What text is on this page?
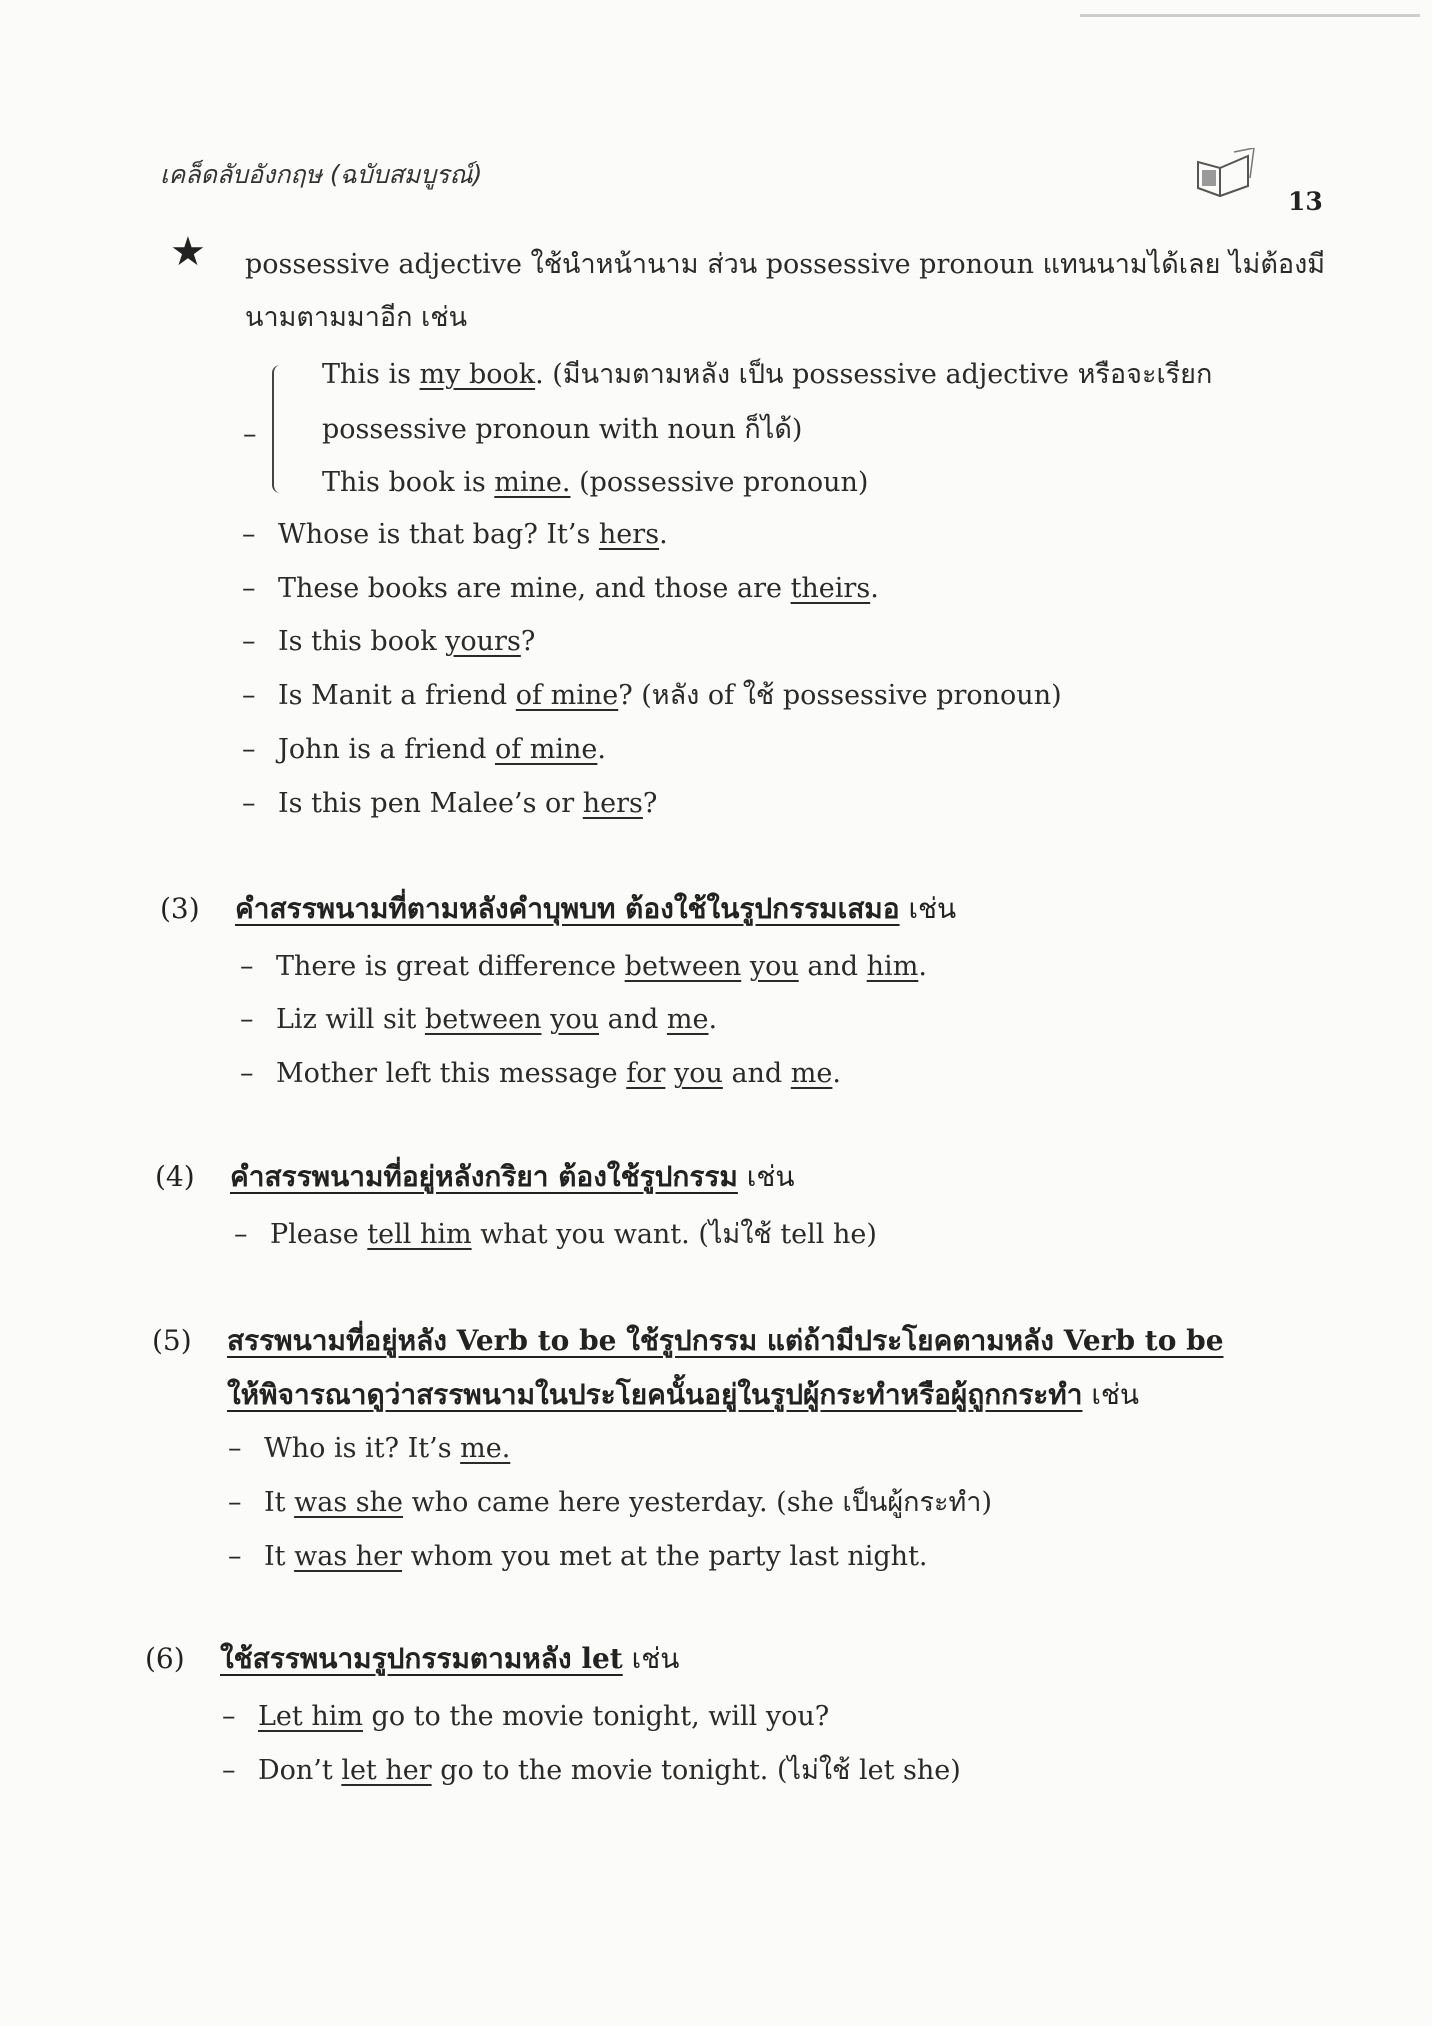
เคล็ดลับอังกฤษ (ฉบับสมบูรณ์)
13
★ possessive adjective ใช้นำหน้านาม ส่วน possessive pronoun แทนนามได้เลย ไม่ต้องมี
นามตามมาอีก เช่น
–
This is my book. (มีนามตามหลัง เป็น possessive adjective หรือจะเรียก
possessive pronoun with noun ก็ได้)
This book is mine. (possessive pronoun)
– Whose is that bag? It’s hers.
– These books are mine, and those are theirs.
– Is this book yours?
– Is Manit a friend of mine? (หลัง of ใช้ possessive pronoun)
– John is a friend of mine.
– Is this pen Malee’s or hers?
(3) คำสรรพนามที่ตามหลังคำบุพบท ต้องใช้ในรูปกรรมเสมอ เช่น
– There is great difference between you and him.
– Liz will sit between you and me.
– Mother left this message for you and me.
(4) คำสรรพนามที่อยู่หลังกริยา ต้องใช้รูปกรรม เช่น
– Please tell him what you want. (ไม่ใช้ tell he)
(5) สรรพนามที่อยู่หลัง Verb to be ใช้รูปกรรม แต่ถ้ามีประโยคตามหลัง Verb to be
ให้พิจารณาดูว่าสรรพนามในประโยคนั้นอยู่ในรูปผู้กระทำหรือผู้ถูกกระทำ เช่น
– Who is it? It’s me.
– It was she who came here yesterday. (she เป็นผู้กระทำ)
– It was her whom you met at the party last night.
(6) ใช้สรรพนามรูปกรรมตามหลัง let เช่น
– Let him go to the movie tonight, will you?
– Don’t let her go to the movie tonight. (ไม่ใช้ let she)
